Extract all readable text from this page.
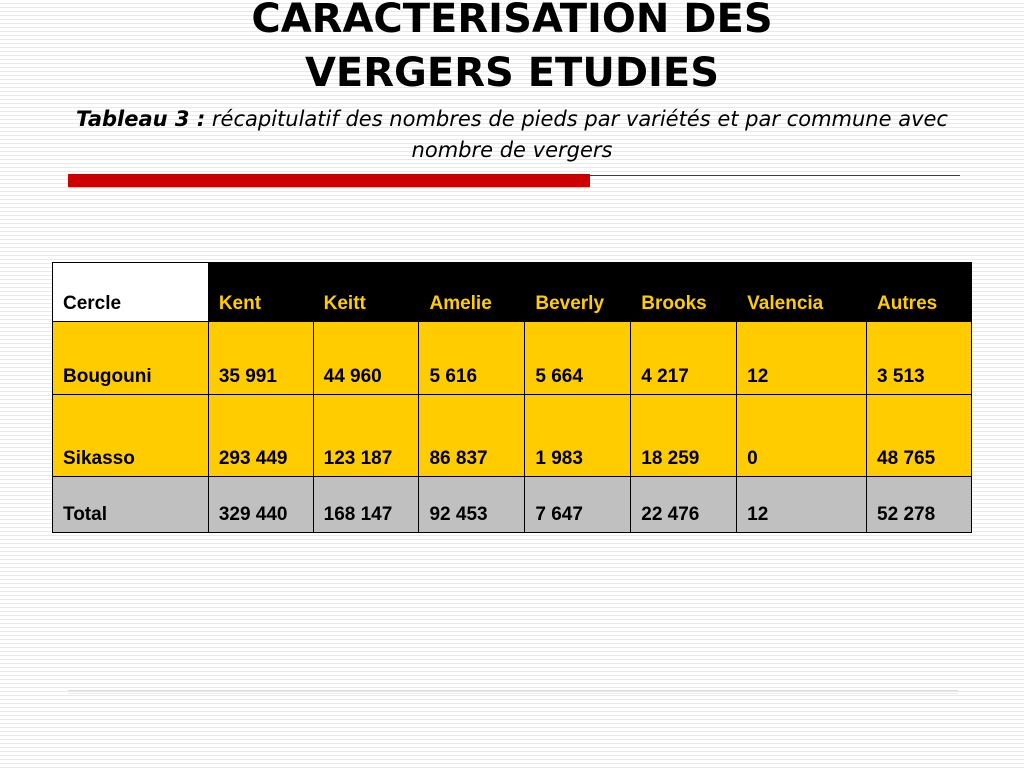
CARACTERISATION DES
VERGERS ETUDIES
Tableau 3 : récapitulatif des nombres de pieds par variétés et par commune avec nombre de vergers
Cercle	Kent	Keitt	Amelie	Beverly	Brooks	Valencia	Autres
Bougouni	35 991	44 960	5 616	5 664	4 217	12	3 513
Sikasso	293 449	123 187	86 837	1 983	18 259	0	48 765
Total	329 440	168 147	92 453	7 647	22 476	12	52 278
